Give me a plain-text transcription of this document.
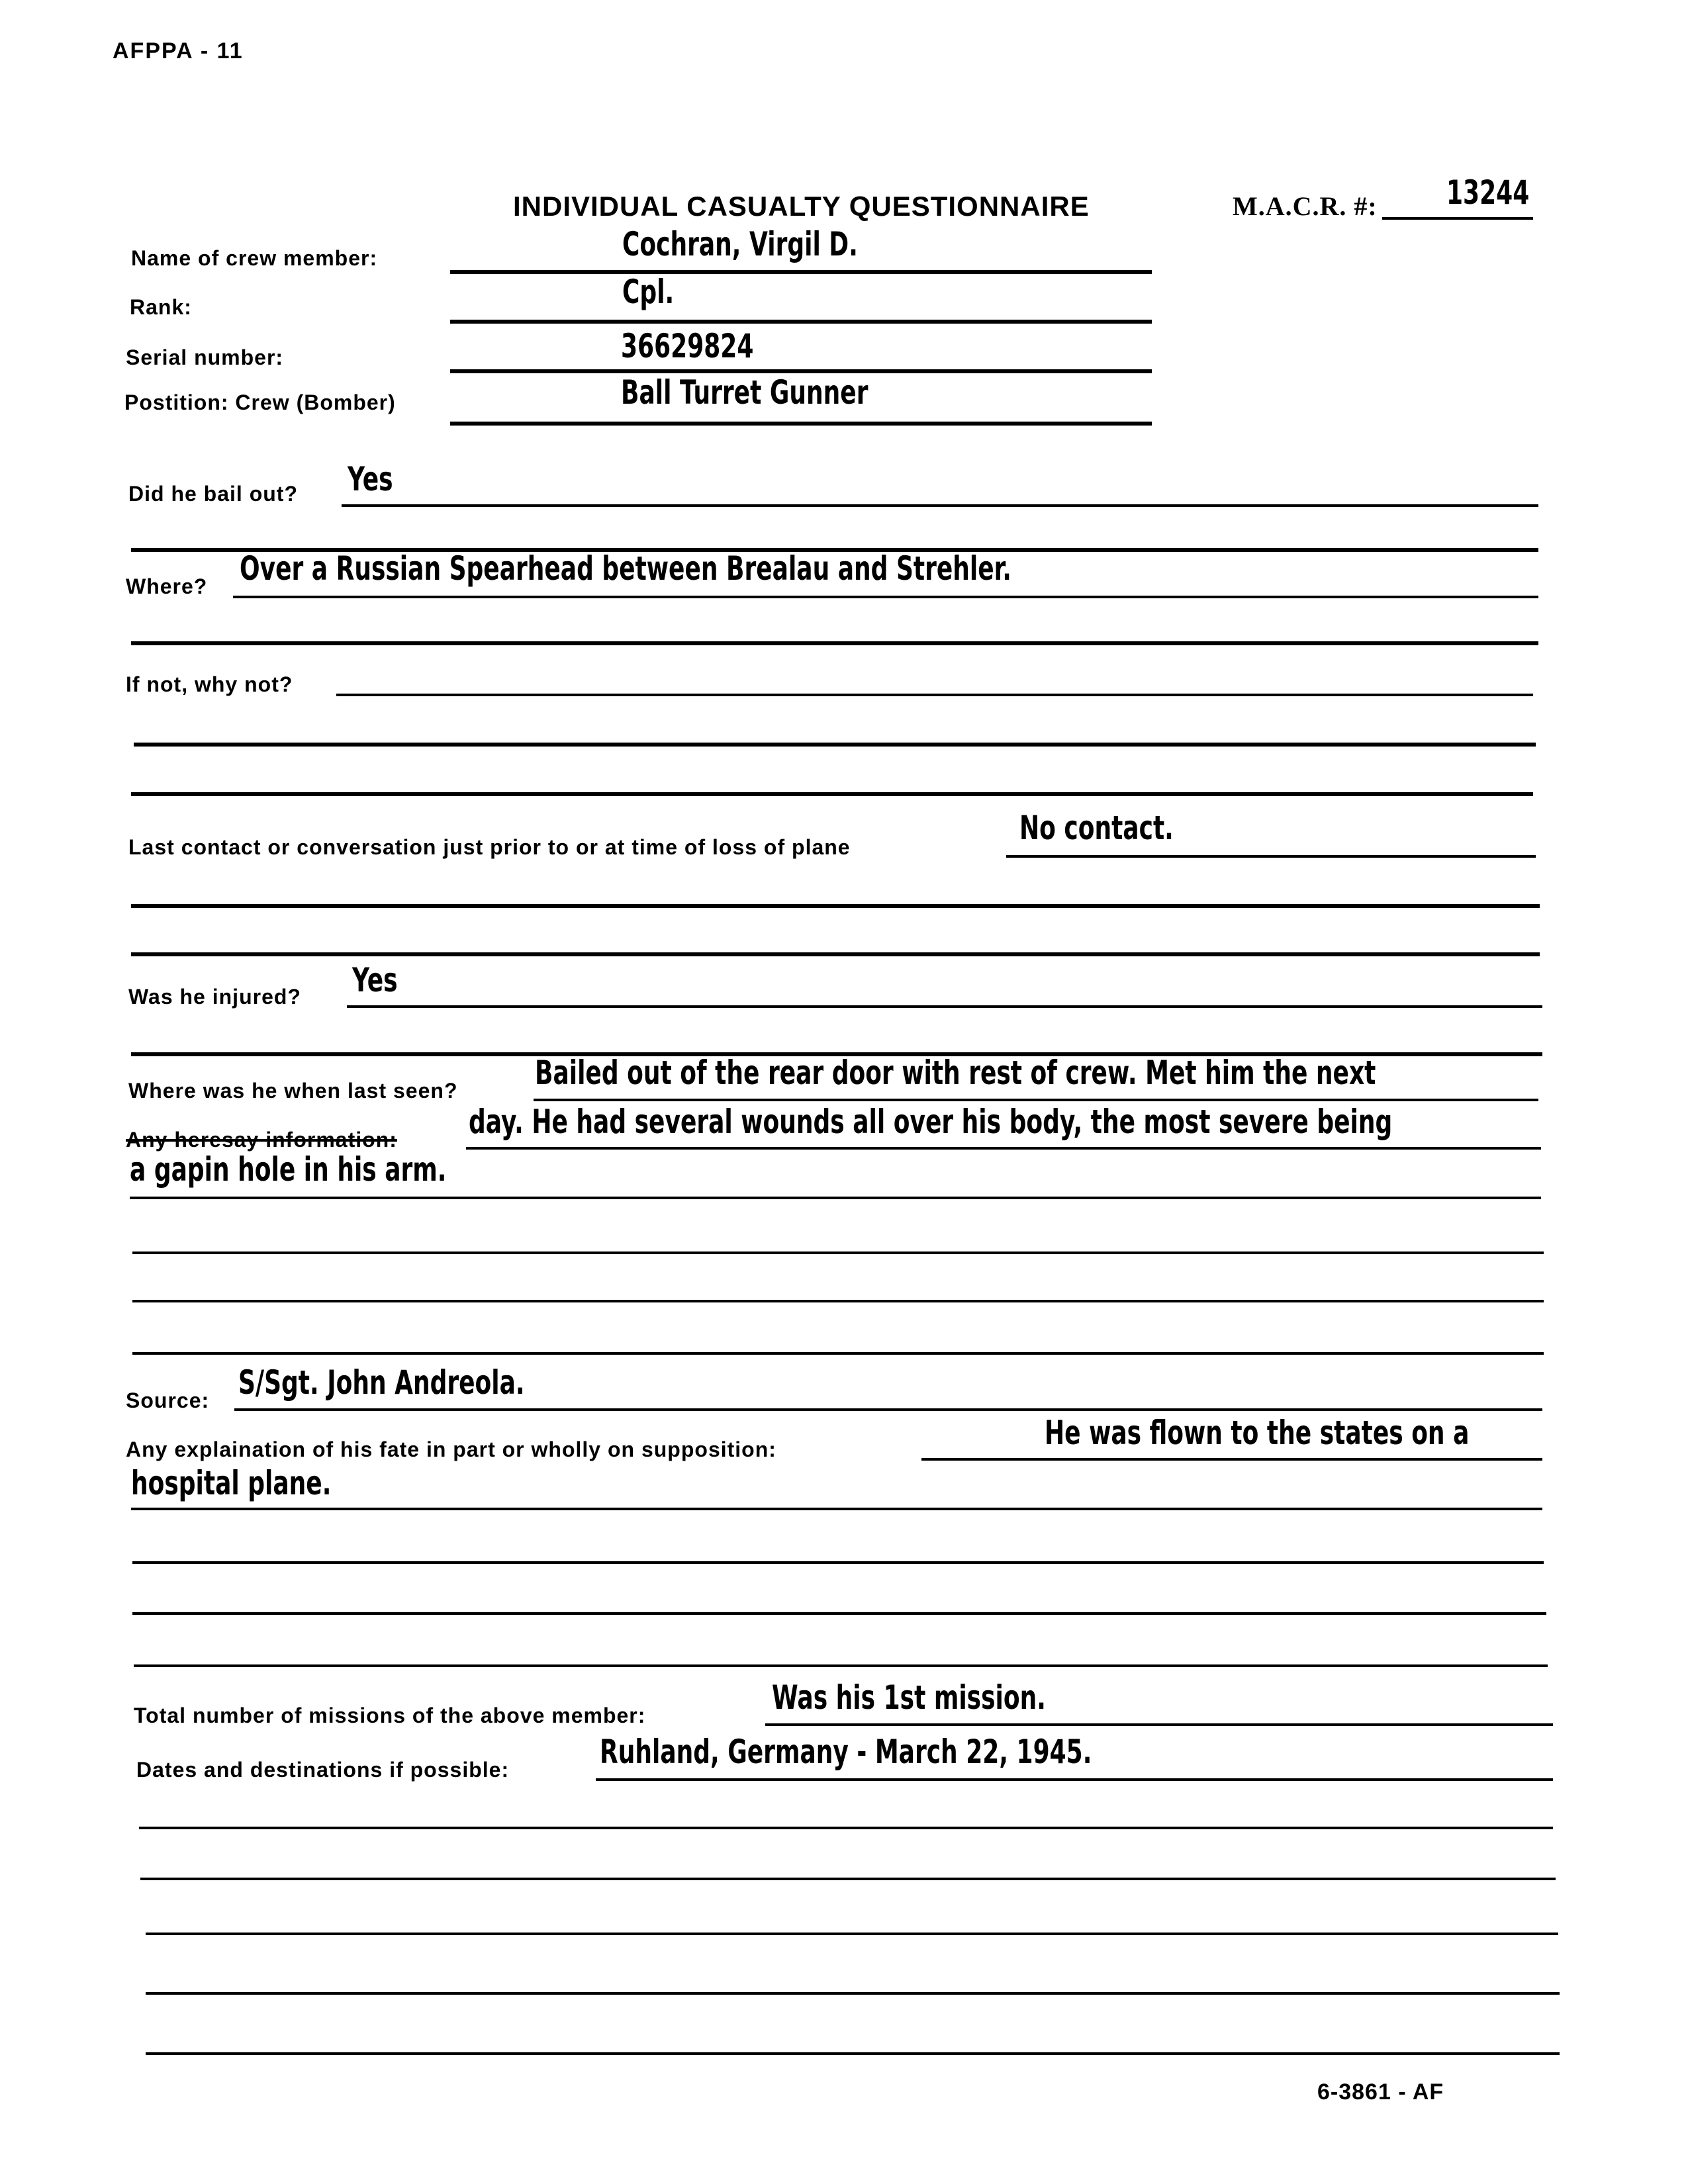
AFPPA - 11
INDIVIDUAL CASUALTY QUESTIONNAIRE	M.A.C.R. #: 13244
Name of crew member:	Cochran, Virgil D.
Rank:	Cpl.
Serial number:	36629824
Postition: Crew (Bomber)	Ball Turret Gunner
Did he bail out? Yes
Where? Over a Russian Spearhead between Brealau and Strehler.
If not, why not?
Last contact or conversation just prior to or at time of loss of plane	No contact.
Was he injured? Yes
Where was he when last seen? Bailed out of the rear door with rest of crew. Met him the next
Any heresay information: day. He had several wounds all over his body, the most severe being
a gapin hole in his arm.
Source: S/Sgt. John Andreola.
Any explaination of his fate in part or wholly on supposition:	He was flown to the states on a
hospital plane.
Total number of missions of the above member:	Was his 1st mission.
Dates and destinations if possible:	Ruhland, Germany - March 22, 1945.
6-3861 - AF
